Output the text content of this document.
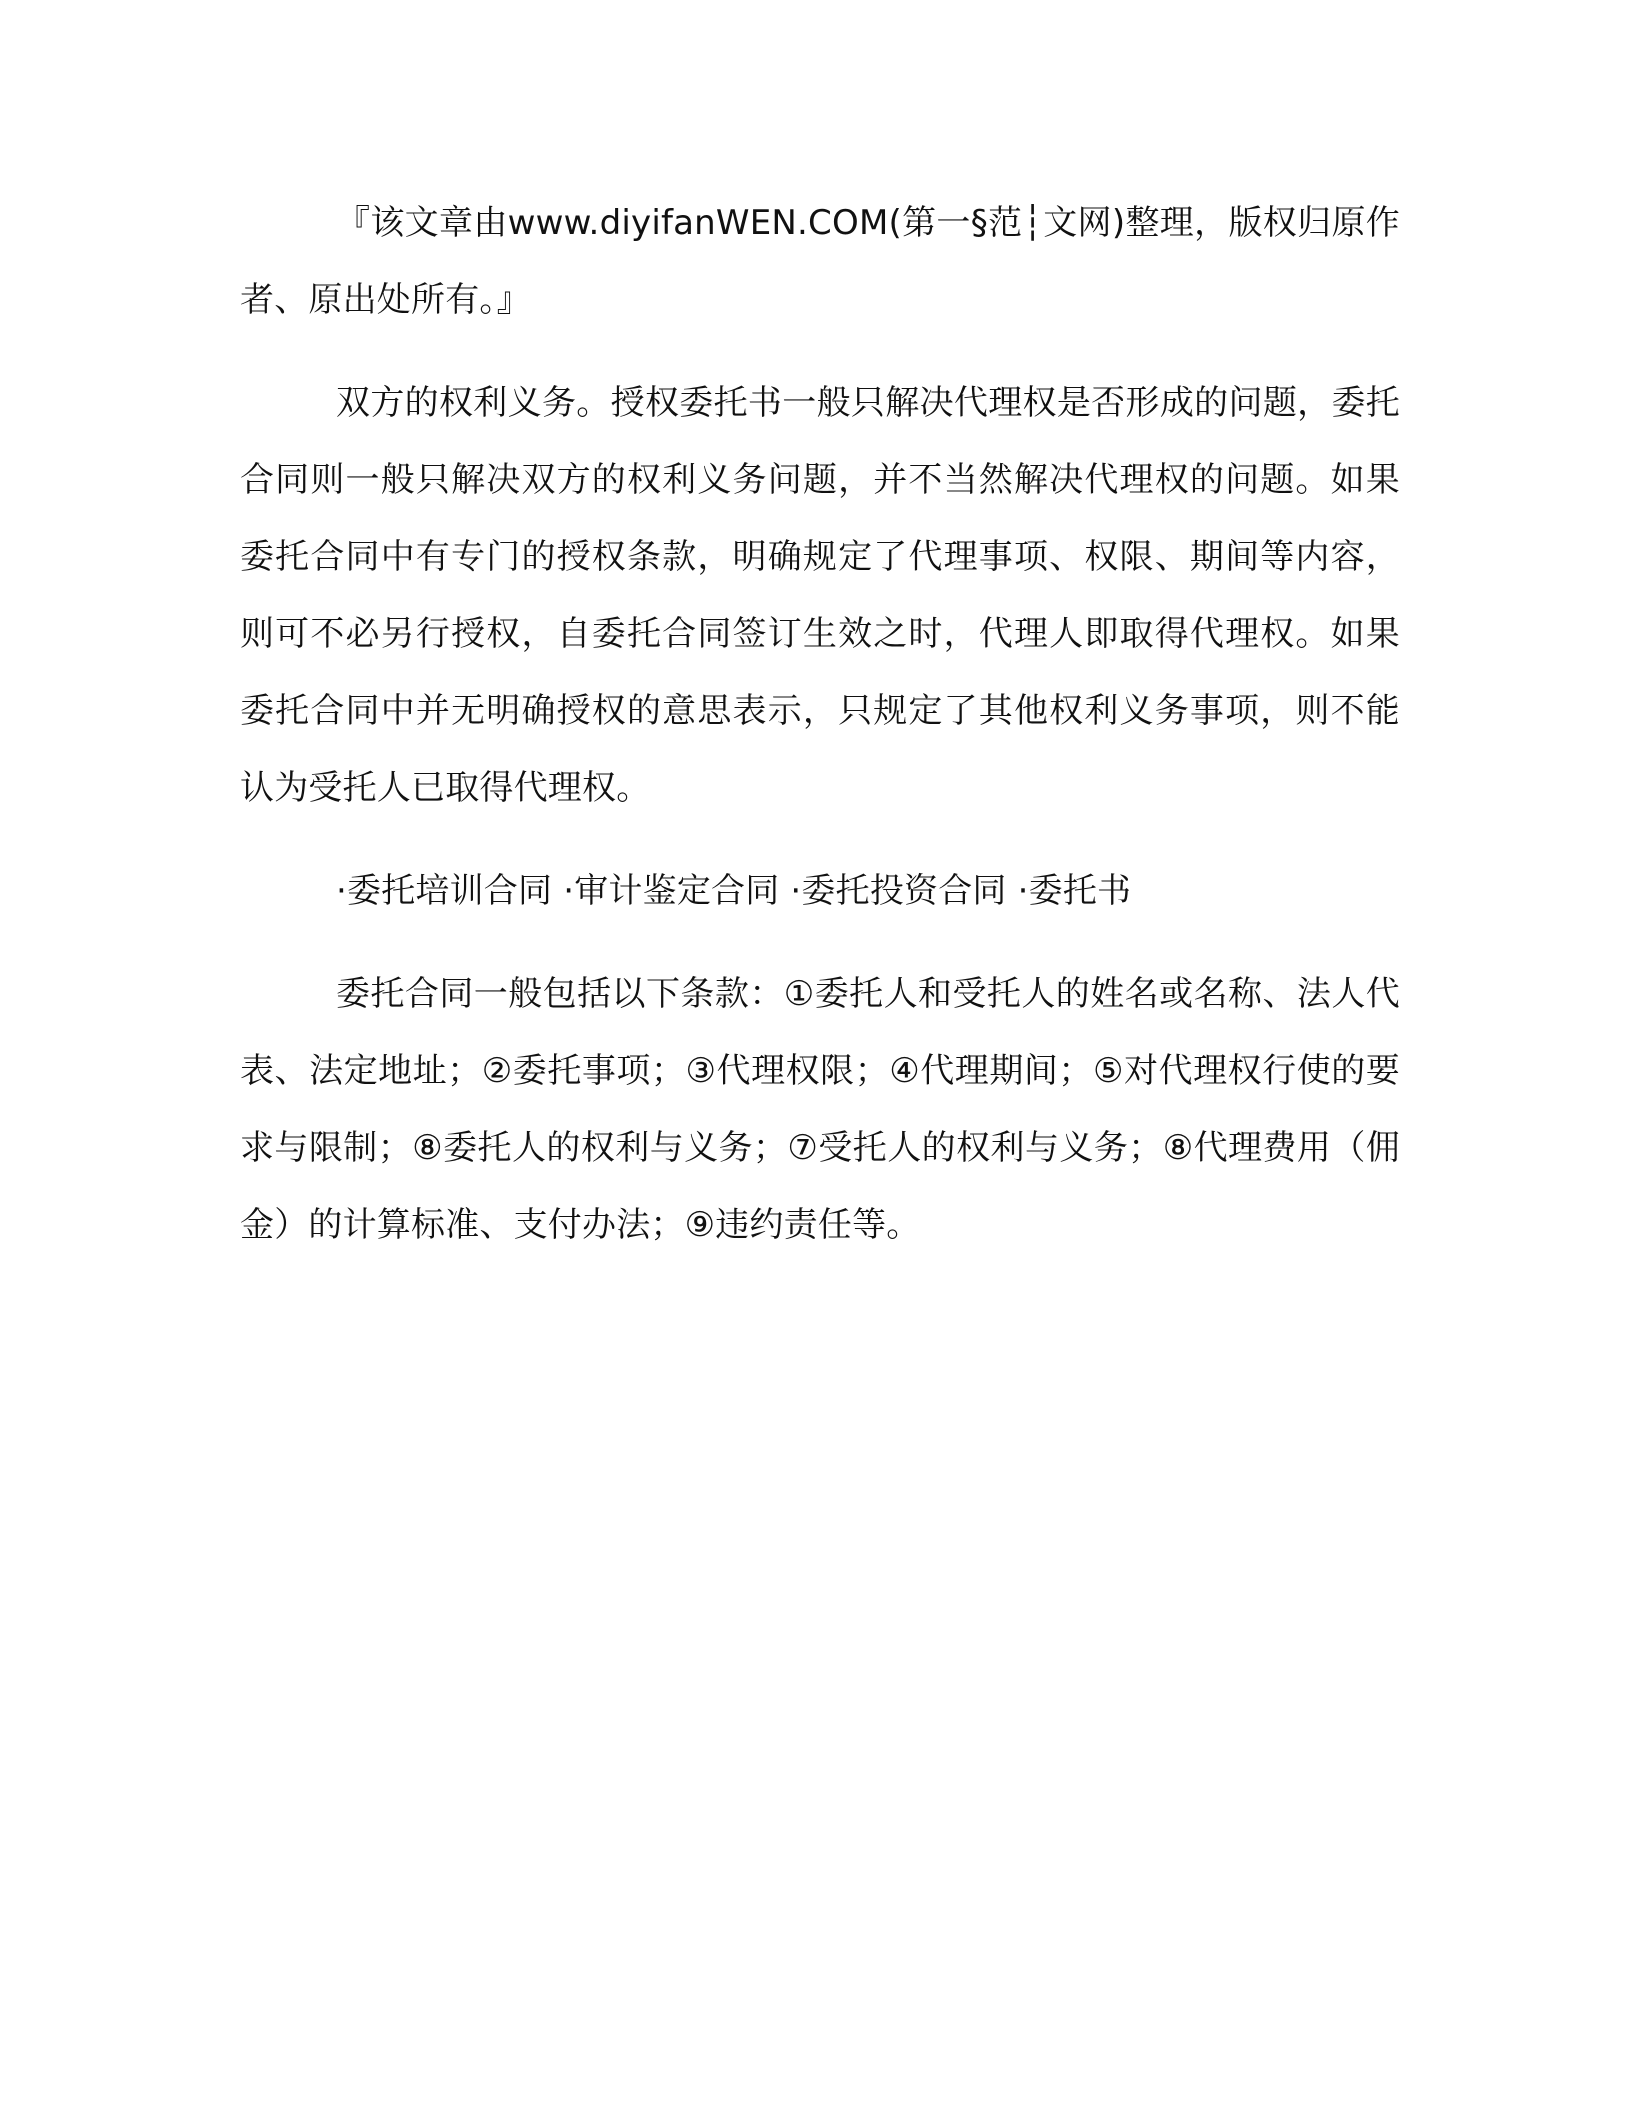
『该文章由www.diyifanWEN.COM(第一§范┆文网)整理，版权归原作者、原出处所有。』

双方的权利义务。授权委托书一般只解决代理权是否形成的问题，委托合同则一般只解决双方的权利义务问题，并不当然解决代理权的问题。如果委托合同中有专门的授权条款，明确规定了代理事项、权限、期间等内容，则可不必另行授权，自委托合同签订生效之时，代理人即取得代理权。如果委托合同中并无明确授权的意思表示，只规定了其他权利义务事项，则不能认为受托人已取得代理权。

·委托培训合同 ·审计鉴定合同 ·委托投资合同 ·委托书

委托合同一般包括以下条款：①委托人和受托人的姓名或名称、法人代表、法定地址；②委托事项；③代理权限；④代理期间；⑤对代理权行使的要求与限制；⑧委托人的权利与义务；⑦受托人的权利与义务；⑧代理费用（佣金）的计算标准、支付办法；⑨违约责任等。
